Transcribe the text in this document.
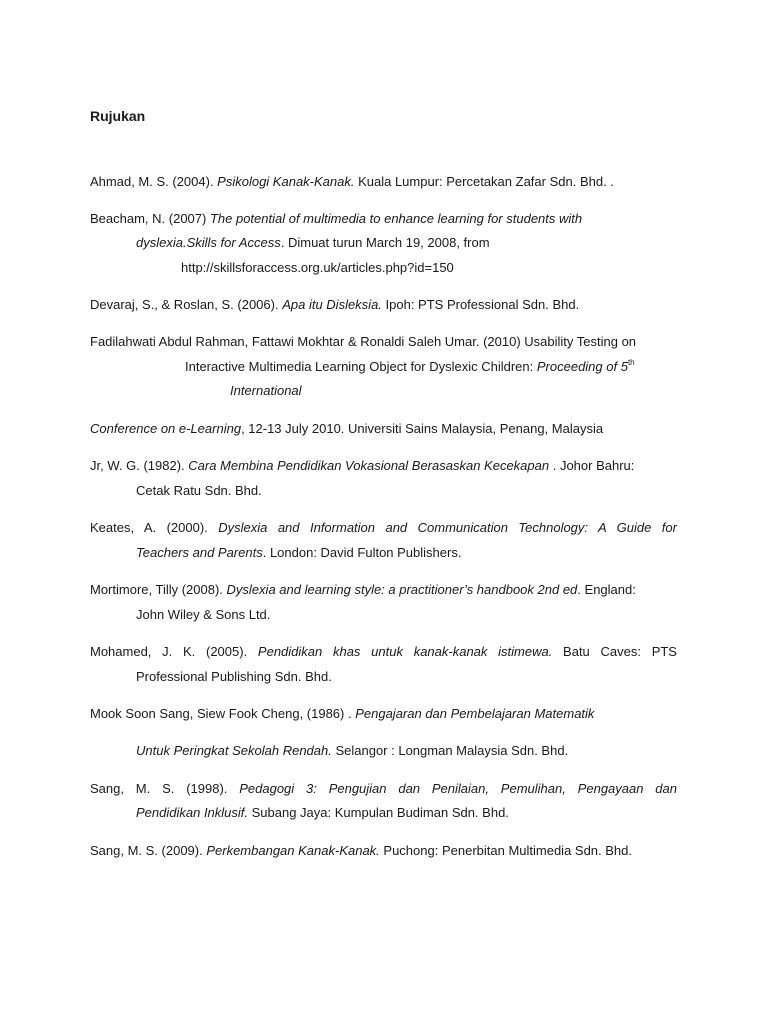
Rujukan

Ahmad, M. S. (2004). Psikologi Kanak-Kanak. Kuala Lumpur: Percetakan Zafar Sdn. Bhd. .

Beacham, N. (2007) The potential of multimedia to enhance learning for students with

dyslexia.Skills for Access. Dimuat turun March 19, 2008, from

http://skillsforaccess.org.uk/articles.php?id=150

Devaraj, S., & Roslan, S. (2006). Apa itu Disleksia. Ipoh: PTS Professional Sdn. Bhd.

Fadilahwati Abdul Rahman, Fattawi Mokhtar & Ronaldi Saleh Umar. (2010) Usability Testing on

Interactive Multimedia Learning Object for Dyslexic Children: Proceeding of 5th

International

Conference on e-Learning, 12-13 July 2010. Universiti Sains Malaysia, Penang, Malaysia

Jr, W. G. (1982). Cara Membina Pendidikan Vokasional Berasaskan Kecekapan . Johor Bahru:

Cetak Ratu Sdn. Bhd.

Keates, A. (2000). Dyslexia and Information and Communication Technology: A Guide for

Teachers and Parents. London: David Fulton Publishers.

Mortimore, Tilly (2008). Dyslexia and learning style: a practitioner’s handbook 2nd ed. England:

John Wiley & Sons Ltd.

Mohamed, J. K. (2005). Pendidikan khas untuk kanak-kanak istimewa. Batu Caves: PTS

Professional Publishing Sdn. Bhd.

Mook Soon Sang, Siew Fook Cheng, (1986) . Pengajaran dan Pembelajaran Matematik

Untuk Peringkat Sekolah Rendah. Selangor : Longman Malaysia Sdn. Bhd.

Sang, M. S. (1998). Pedagogi 3: Pengujian dan Penilaian, Pemulihan, Pengayaan dan

Pendidikan Inklusif. Subang Jaya: Kumpulan Budiman Sdn. Bhd.

Sang, M. S. (2009). Perkembangan Kanak-Kanak. Puchong: Penerbitan Multimedia Sdn. Bhd.
